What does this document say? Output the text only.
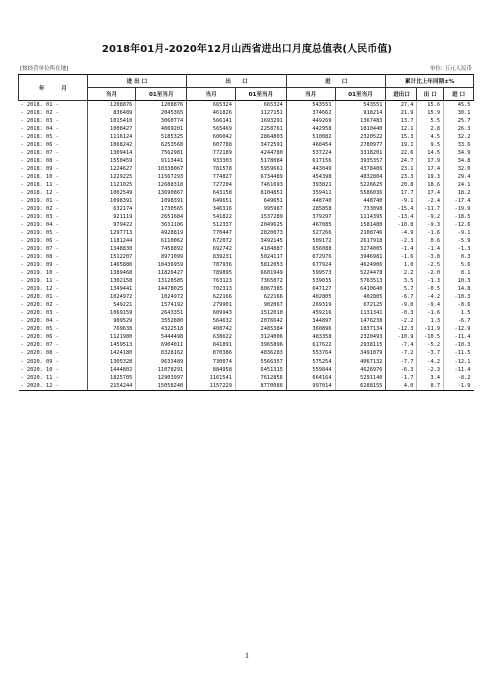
2018年01月-2020年12月山西省进出口月度总值表(人民币值)
[按经营单位所在地]	单位: 万元人民币
年　　　月	进 出 口		出　　口		进　　口		累计比上年同期±%		
	当月	01至当月	当月	01至当月	当月	01至当月	进出口	出 口	进 口
- 2018. 01 -	1208876	1208876	665324	665324	543551	543551	27.4	15.6	45.5
- 2018. 02 -	836489	2045365	461826	1127151	374662	918214	21.9	15.9	30.1
- 2018. 03 -	1015410	3060774	566141	1693291	449269	1367483	13.7	5.5	25.7
- 2018. 04 -	1008427	4069201	565469	2258761	442958	1810440	12.1	2.8	26.3
- 2018. 05 -	1116124	5185325	606042	2864803	510082	2320522	15.3	4.5	32.2
- 2018. 06 -	1068242	6253568	607788	3472591	460454	2780977	19.1	9.5	33.6
- 2018. 07 -	1309414	7562981	772189	4244780	537224	3318201	22.6	14.5	34.9
- 2018. 08 -	1550459	9113441	933303	5178084	617156	3935357	24.7	17.9	34.8
- 2018. 09 -	1224627	10338067	781578	5959661	443049	4378406	23.1	17.4	32.0
- 2018. 10 -	1229225	11567293	774827	6734489	454398	4832804	23.3	19.3	29.4
- 2018. 11 -	1121025	12688318	727204	7461693	393821	5226625	20.8	18.6	24.1
- 2018. 12 -	1002549	13690867	643158	8104851	359411	5586036	17.7	17.4	18.2
- 2019. 01 -	1098391	1098391	649651	649651	448740	448740	-9.1	-2.4	-17.4
- 2019. 02 -	632174	1730565	346316	995967	285858	733098	-15.4	-11.7	-19.9
- 2019. 03 -	921119	2651684	541822	1537289	379297	1114395	-13.4	-9.2	-18.5
- 2019. 04 -	979422	3631106	512337	2049625	467085	1581480	-10.8	-9.3	-12.6
- 2019. 05 -	1297713	4928819	770447	2820073	527266	2108746	-4.9	-1.6	-9.1
- 2019. 06 -	1181244	6110062	672072	3492145	509172	2617918	-2.3	0.6	-5.9
- 2019. 07 -	1348830	7458892	692742	4184887	656088	3274005	-1.4	-1.4	-1.3
- 2019. 08 -	1512207	8971099	839231	5024117	672976	3946981	-1.6	-3.0	0.3
- 2019. 09 -	1465880	10436959	787936	5812053	677924	4624906	1.0	-2.5	5.6
- 2019. 10 -	1389468	11826427	789895	6601949	599573	5224478	2.2	-2.0	8.1
- 2019. 11 -	1302158	13128585	763123	7365072	539035	5763513	3.5	-1.3	10.3
- 2019. 12 -	1349441	14478025	702313	8067385	647127	6410640	5.7	-0.5	14.8
- 2020. 01 -	1024972	1024972	622166	622166	402805	402805	-6.7	-4.2	-10.3
- 2020. 02 -	549221	1574192	279901	902067	269319	672125	-9.0	-9.4	-8.6
- 2020. 03 -	1069159	2643351	609943	1512010	459216	1131341	-0.3	-1.6	1.5
- 2020. 04 -	909529	3552880	564632	2076642	344897	1476238	-2.2	1.3	-6.7
- 2020. 05 -	769638	4322518	408742	2485384	360896	1837134	-12.3	-11.9	-12.9
- 2020. 06 -	1121980	5444498	638622	3124006	483358	2320493	-10.9	-10.5	-11.4
- 2020. 07 -	1459513	6904011	841891	3965896	617622	2938115	-7.4	-5.2	-10.3
- 2020. 08 -	1424180	8328162	870386	4836283	553764	3491879	-7.2	-3.7	-11.5
- 2020. 09 -	1305328	9633489	730074	5566357	575254	4067132	-7.7	-4.2	-12.1
- 2020. 10 -	1444802	11078291	884958	6451315	559844	4626976	-6.3	-2.3	-11.4
- 2020. 11 -	1825705	12903997	1161541	7612856	664164	5291140	-1.7	3.4	-8.2
- 2020. 12 -	2154244	15058240	1157229	8770086	997014	6288155	4.0	8.7	-1.9
1
